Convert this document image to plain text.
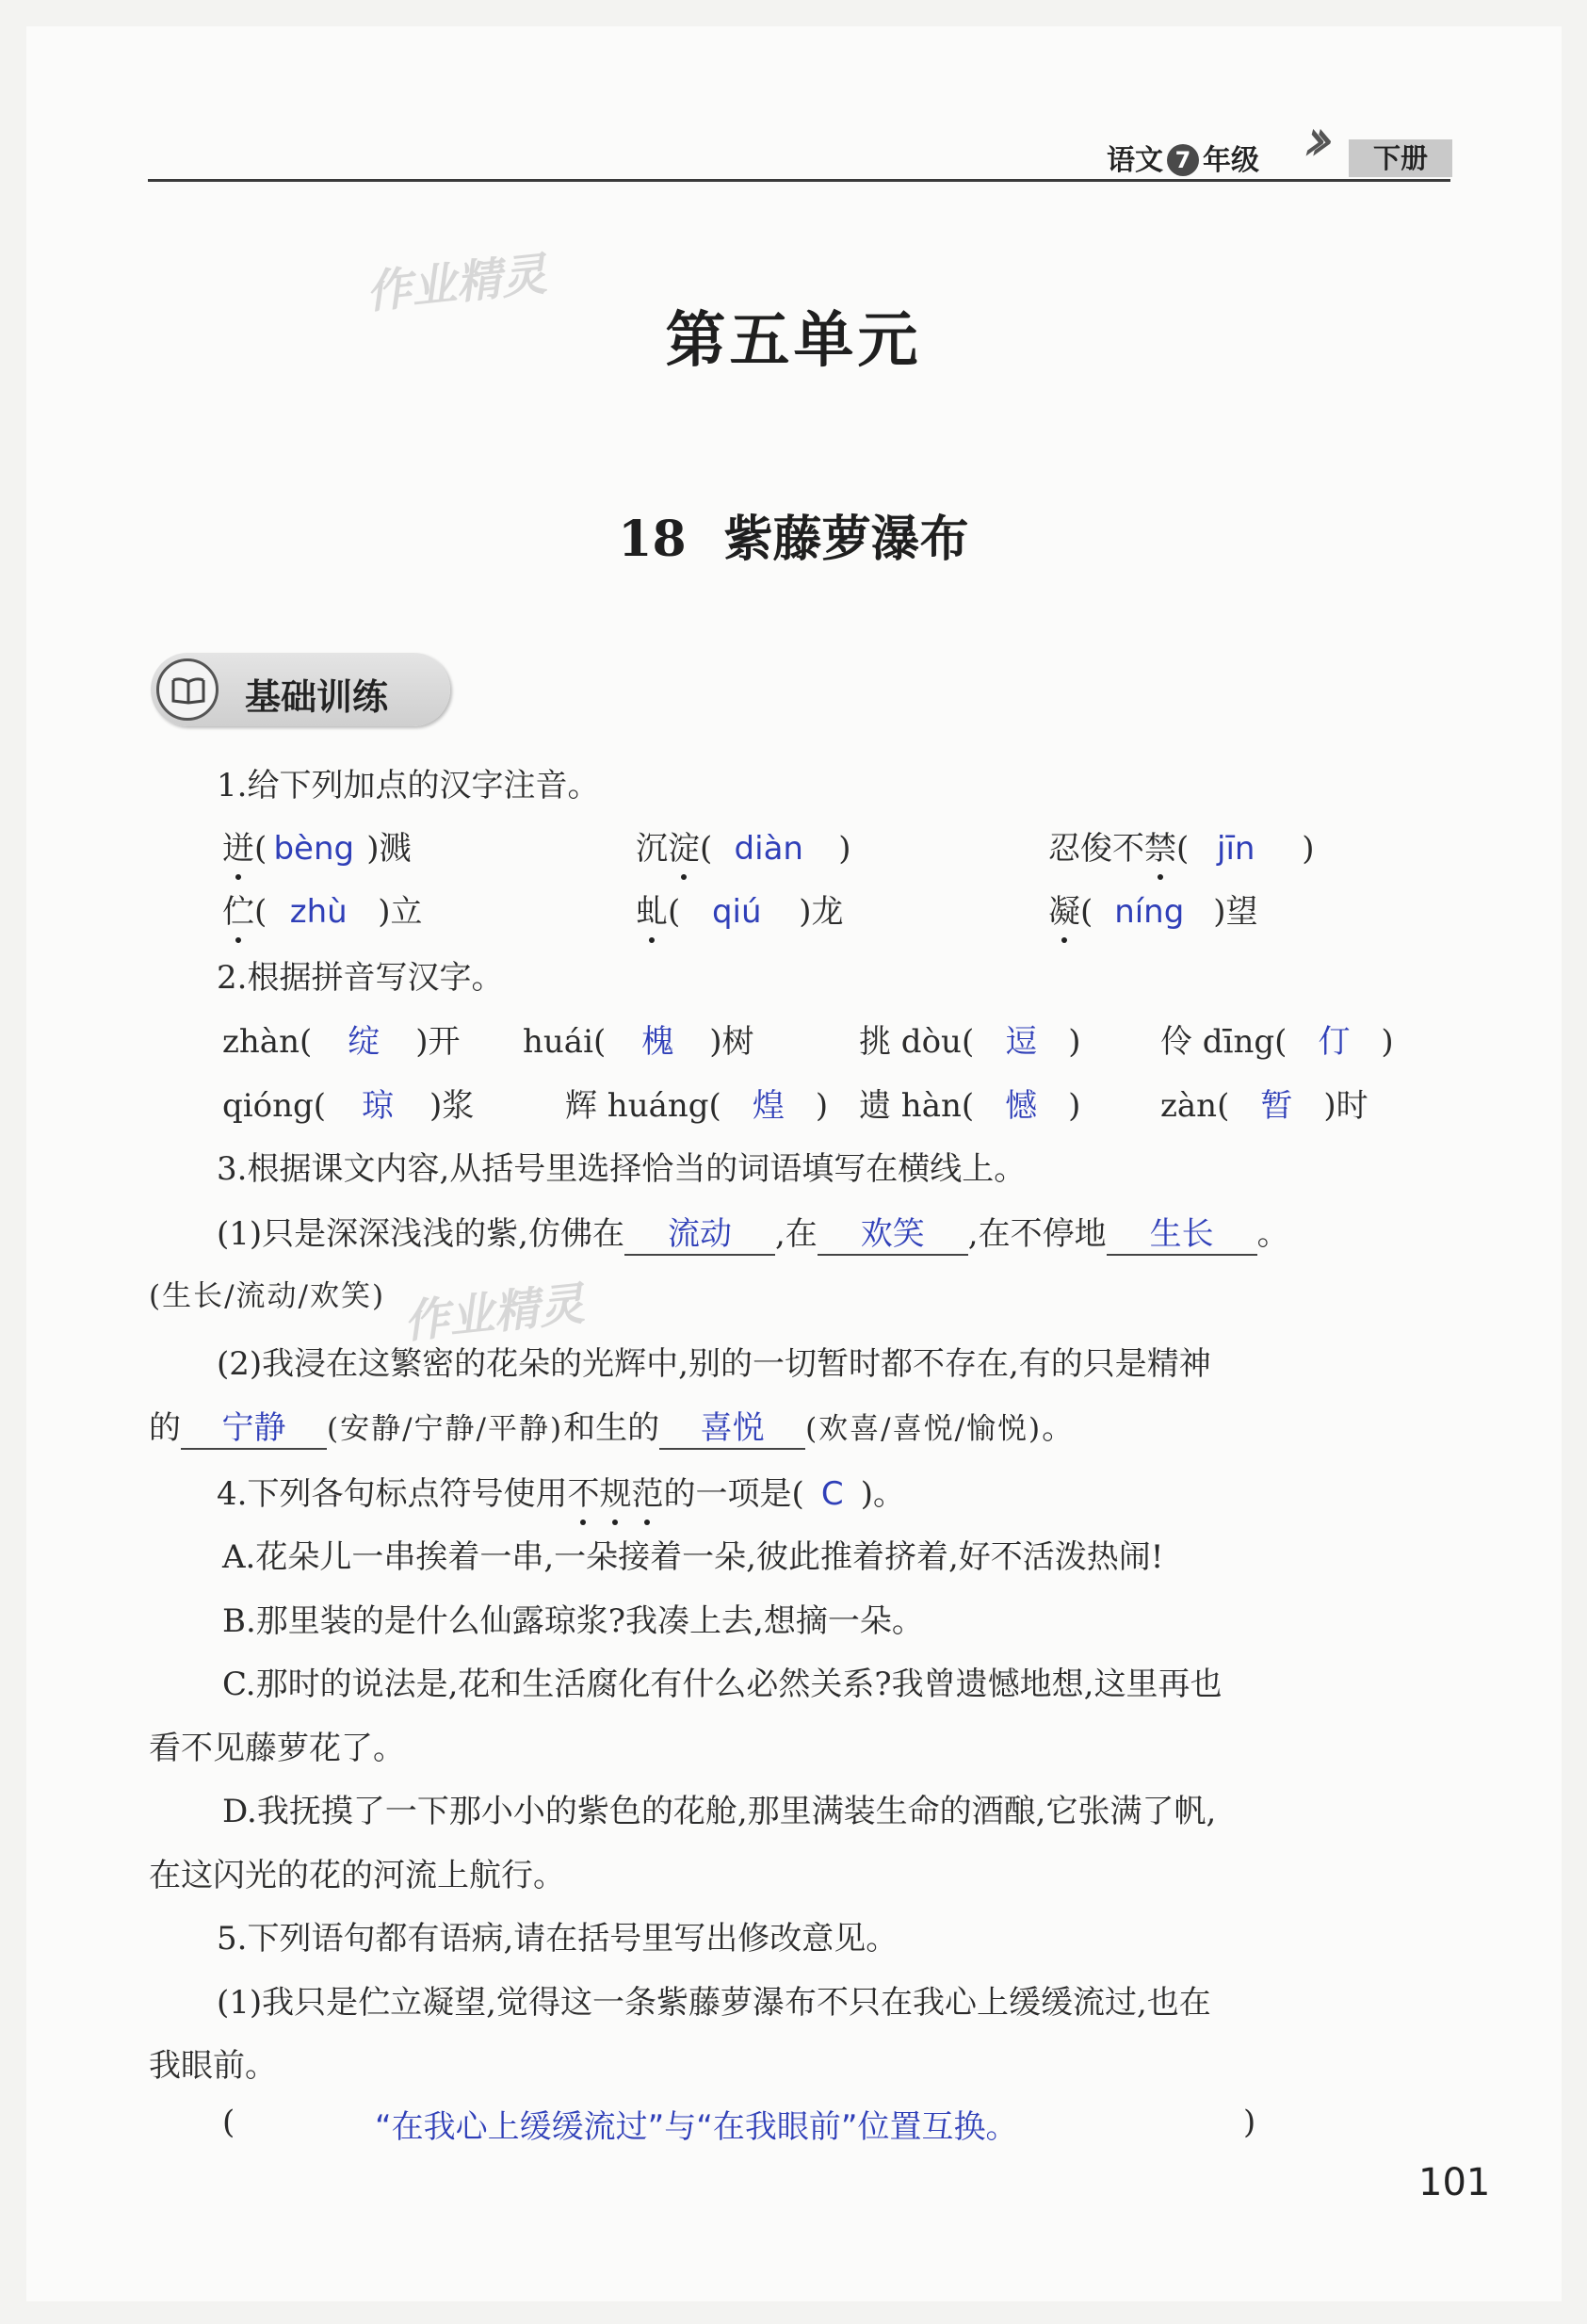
语文 7 年级 ››	下册
作业精灵
作业精灵
第五单元
18 紫藤萝瀑布
基础训练
1.给下列加点的汉字注音。
迸( bèng )溅	沉淀( diàn )	忍俊不禁( jīn )
伫( zhù )立	虬( qiú )龙	凝( níng )望
2.根据拼音写汉字。
zhàn( 绽 )开 huái( 槐 )树	挑 dòu( 逗 ) 伶 dīng( 仃 )
qióng( 琼 )浆	辉 huáng( 煌 ) 遗 hàn( 憾 ) zàn( 暂 )时
3.根据课文内容,从括号里选择恰当的词语填写在横线上。
(1)只是深深浅浅的紫,仿佛在 流动 ,在 欢笑 ,在不停地 生长 。
(生长/流动/欢笑)
(2)我浸在这繁密的花朵的光辉中,别的一切暂时都不存在,有的只是精神
的 宁静 (安静/宁静/平静)和生的 喜悦 (欢喜/喜悦/愉悦)。
4.下列各句标点符号使用不规范的一项是( C )。
A.花朵儿一串挨着一串,一朵接着一朵,彼此推着挤着,好不活泼热闹!
B.那里装的是什么仙露琼浆?我凑上去,想摘一朵。
C.那时的说法是,花和生活腐化有什么必然关系?我曾遗憾地想,这里再也
看不见藤萝花了。
D.我抚摸了一下那小小的紫色的花舱,那里满装生命的酒酿,它张满了帆,
在这闪光的花的河流上航行。
5.下列语句都有语病,请在括号里写出修改意见。
(1)我只是伫立凝望,觉得这一条紫藤萝瀑布不只在我心上缓缓流过,也在
我眼前。
(	“在我心上缓缓流过”与“在我眼前”位置互换。	)
101
